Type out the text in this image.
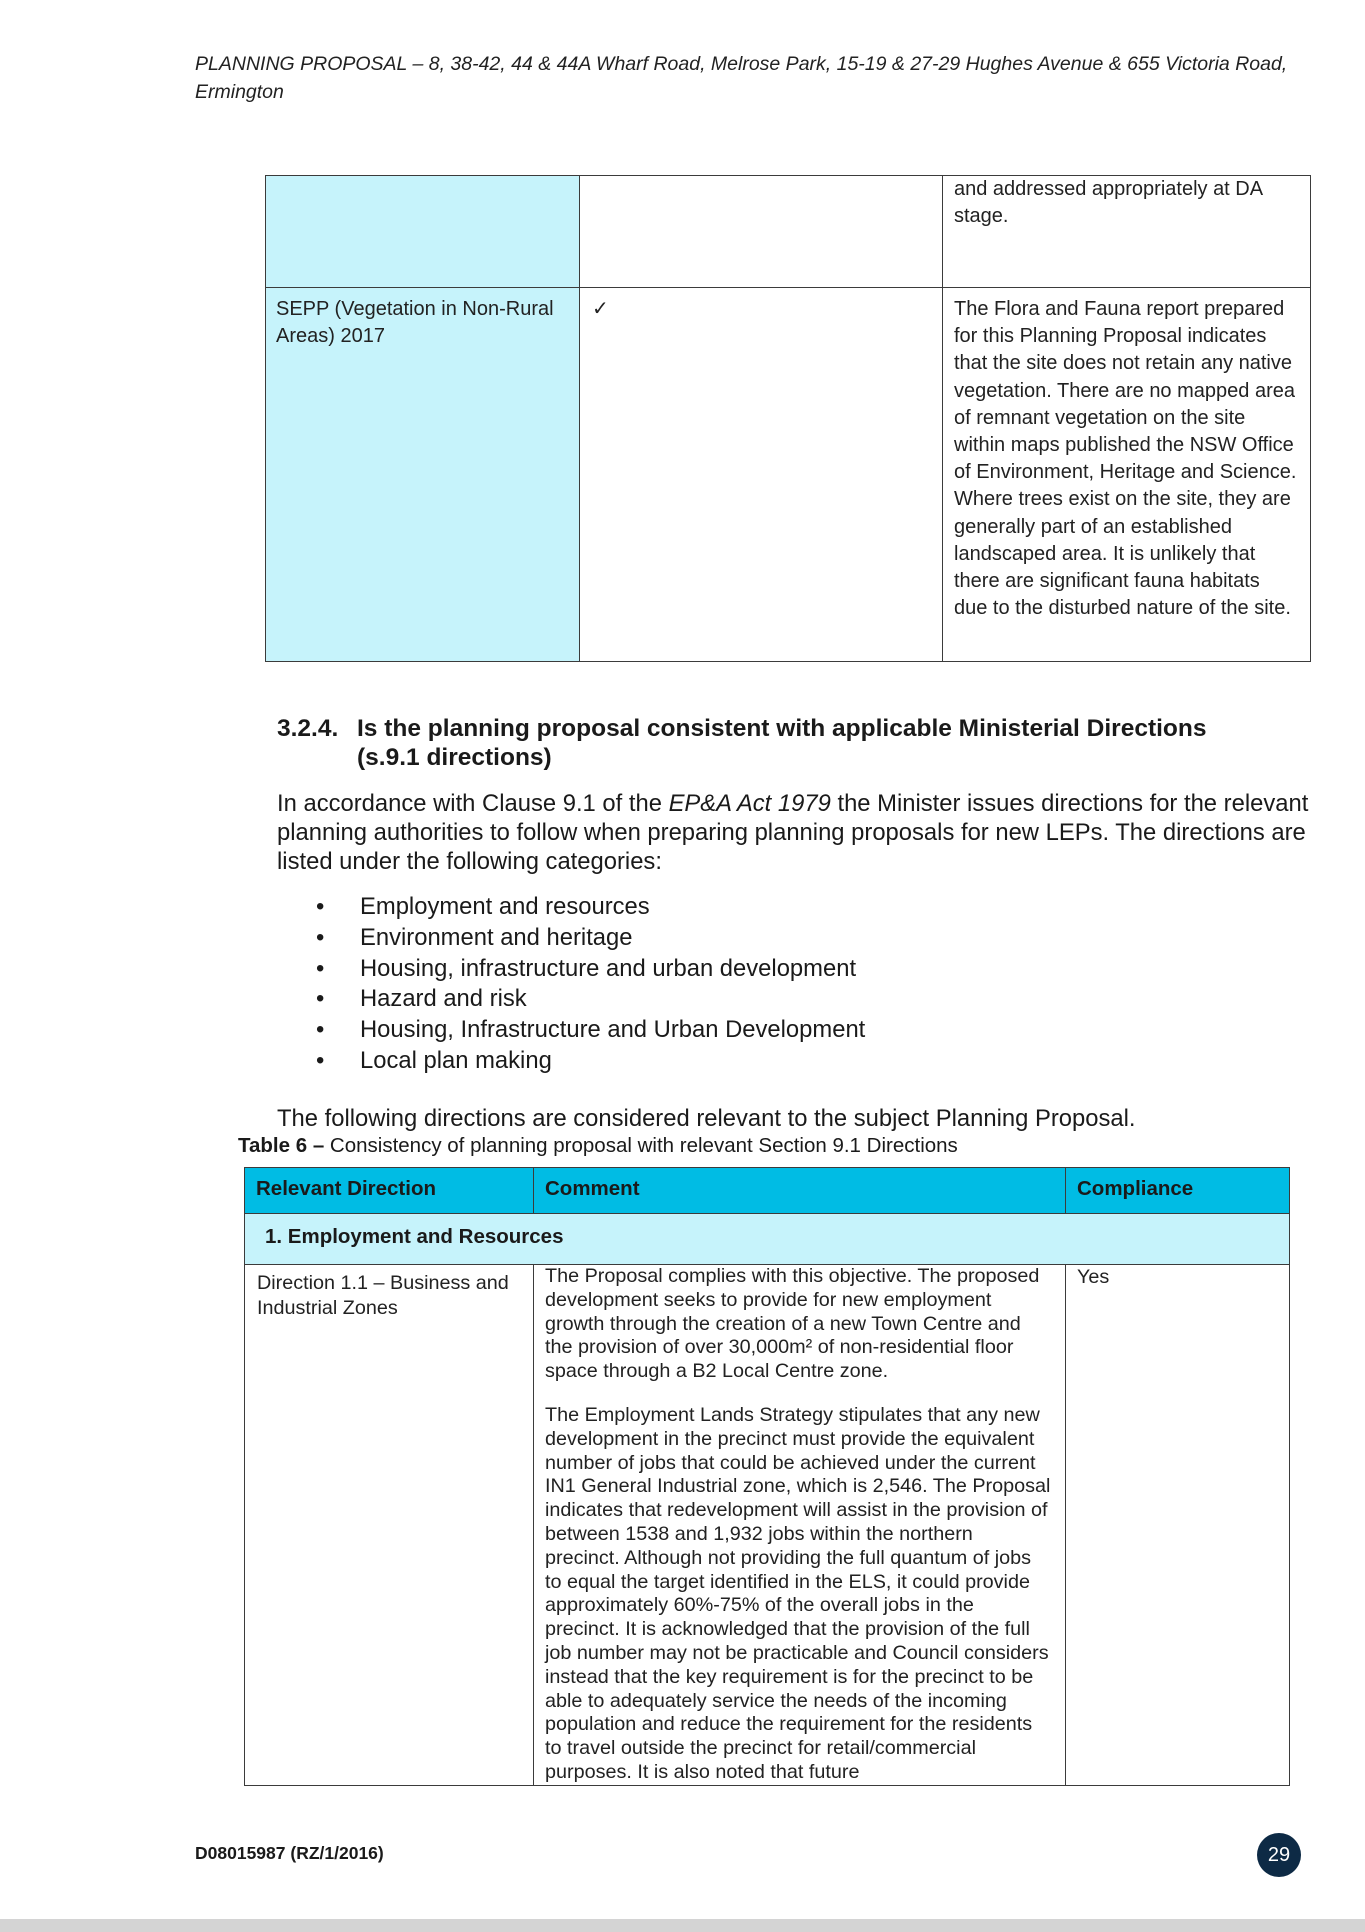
PLANNING PROPOSAL – 8, 38-42, 44 & 44A Wharf Road, Melrose Park, 15-19 & 27-29 Hughes Avenue & 655 Victoria Road,
Ermington
		and addressed appropriately at DA stage.
SEPP (Vegetation in Non-Rural Areas) 2017	✓	The Flora and Fauna report prepared for this Planning Proposal indicates that the site does not retain any native vegetation. There are no mapped area of remnant vegetation on the site within maps published the NSW Office of Environment, Heritage and Science. Where trees exist on the site, they are generally part of an established landscaped area. It is unlikely that there are significant fauna habitats due to the disturbed nature of the site.
3.2.4. Is the planning proposal consistent with applicable Ministerial Directions
(s.9.1 directions)
In accordance with Clause 9.1 of the EP&A Act 1979 the Minister issues directions for the relevant planning authorities to follow when preparing planning proposals for new LEPs. The directions are listed under the following categories:
• Employment and resources
• Environment and heritage
• Housing, infrastructure and urban development
• Hazard and risk
• Housing, Infrastructure and Urban Development
• Local plan making
The following directions are considered relevant to the subject Planning Proposal.
Table 6 – Consistency of planning proposal with relevant Section 9.1 Directions
Relevant Direction	Comment	Compliance
1. Employment and Resources		
Direction 1.1 – Business and Industrial Zones	The Proposal complies with this objective. The proposed development seeks to provide for new employment growth through the creation of a new Town Centre and the provision of over 30,000m² of non-residential floor space through a B2 Local Centre zone.

The Employment Lands Strategy stipulates that any new development in the precinct must provide the equivalent number of jobs that could be achieved under the current IN1 General Industrial zone, which is 2,546. The Proposal indicates that redevelopment will assist in the provision of between 1538 and 1,932 jobs within the northern precinct. Although not providing the full quantum of jobs to equal the target identified in the ELS, it could provide approximately 60%-75% of the overall jobs in the precinct. It is acknowledged that the provision of the full job number may not be practicable and Council considers instead that the key requirement is for the precinct to be able to adequately service the needs of the incoming population and reduce the requirement for the residents to travel outside the precinct for retail/commercial purposes. It is also noted that future	Yes
D08015987 (RZ/1/2016)	29
